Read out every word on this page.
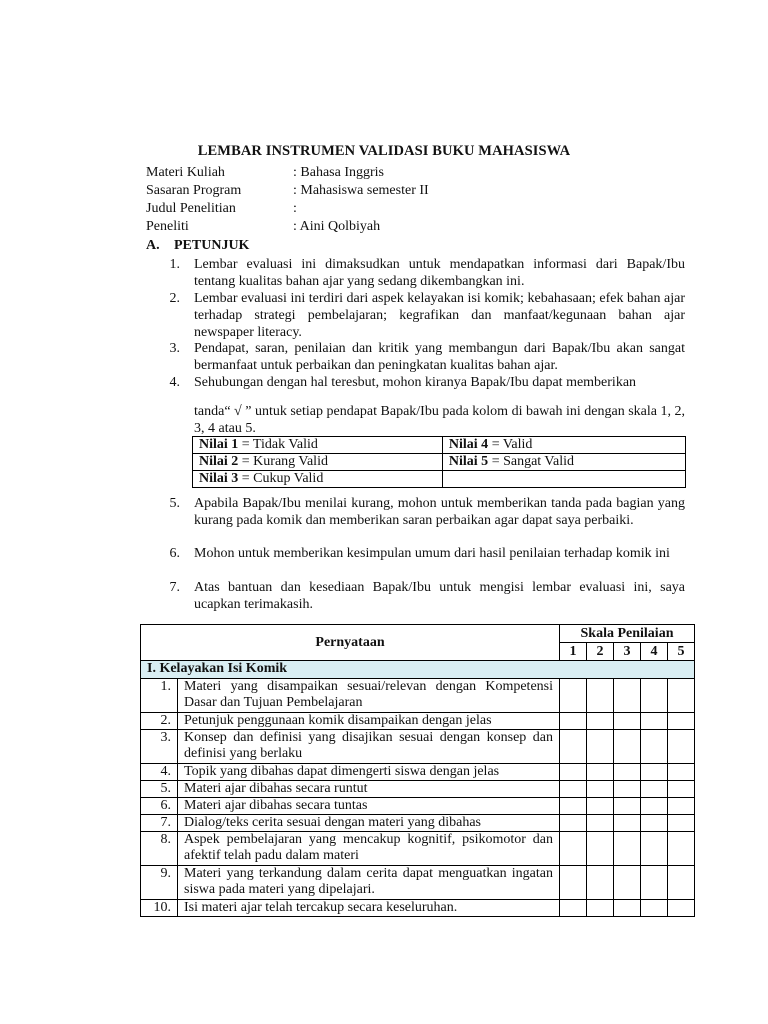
LEMBAR INSTRUMEN VALIDASI BUKU MAHASISWA
Materi Kuliah	: Bahasa Inggris
Sasaran Program	: Mahasiswa semester II
Judul Penelitian	:
Peneliti	: Aini Qolbiyah
A. PETUNJUK
1. Lembar evaluasi ini dimaksudkan untuk mendapatkan informasi dari Bapak/Ibu tentang kualitas bahan ajar yang sedang dikembangkan ini.
2. Lembar evaluasi ini terdiri dari aspek kelayakan isi komik; kebahasaan; efek bahan ajar terhadap strategi pembelajaran; kegrafikan dan manfaat/kegunaan bahan ajar newspaper literacy.
3. Pendapat, saran, penilaian dan kritik yang membangun dari Bapak/Ibu akan sangat bermanfaat untuk perbaikan dan peningkatan kualitas bahan ajar.
4. Sehubungan dengan hal teresbut, mohon kiranya Bapak/Ibu dapat memberikan
tanda“ √ ” untuk setiap pendapat Bapak/Ibu pada kolom di bawah ini dengan skala 1, 2, 3, 4 atau 5.
Nilai 1 = Tidak Valid	Nilai 4 = Valid
Nilai 2 = Kurang Valid	Nilai 5 = Sangat Valid
Nilai 3 = Cukup Valid	
5. Apabila Bapak/Ibu menilai kurang, mohon untuk memberikan tanda pada bagian yang kurang pada komik dan memberikan saran perbaikan agar dapat saya perbaiki.
6. Mohon untuk memberikan kesimpulan umum dari hasil penilaian terhadap komik ini
7. Atas bantuan dan kesediaan Bapak/Ibu untuk mengisi lembar evaluasi ini, saya ucapkan terimakasih.
Pernyataan		Skala Penilaian				
		1	2	3	4	5
I. Kelayakan Isi Komik						
1.	Materi yang disampaikan sesuai/relevan dengan Kompetensi Dasar dan Tujuan Pembelajaran					
2.	Petunjuk penggunaan komik disampaikan dengan jelas					
3.	Konsep dan definisi yang disajikan sesuai dengan konsep dan definisi yang berlaku					
4.	Topik yang dibahas dapat dimengerti siswa dengan jelas					
5.	Materi ajar dibahas secara runtut					
6.	Materi ajar dibahas secara tuntas					
7.	Dialog/teks cerita sesuai dengan materi yang dibahas					
8.	Aspek pembelajaran yang mencakup kognitif, psikomotor dan afektif telah padu dalam materi					
9.	Materi yang terkandung dalam cerita dapat menguatkan ingatan siswa pada materi yang dipelajari.					
10.	Isi materi ajar telah tercakup secara keseluruhan.					
